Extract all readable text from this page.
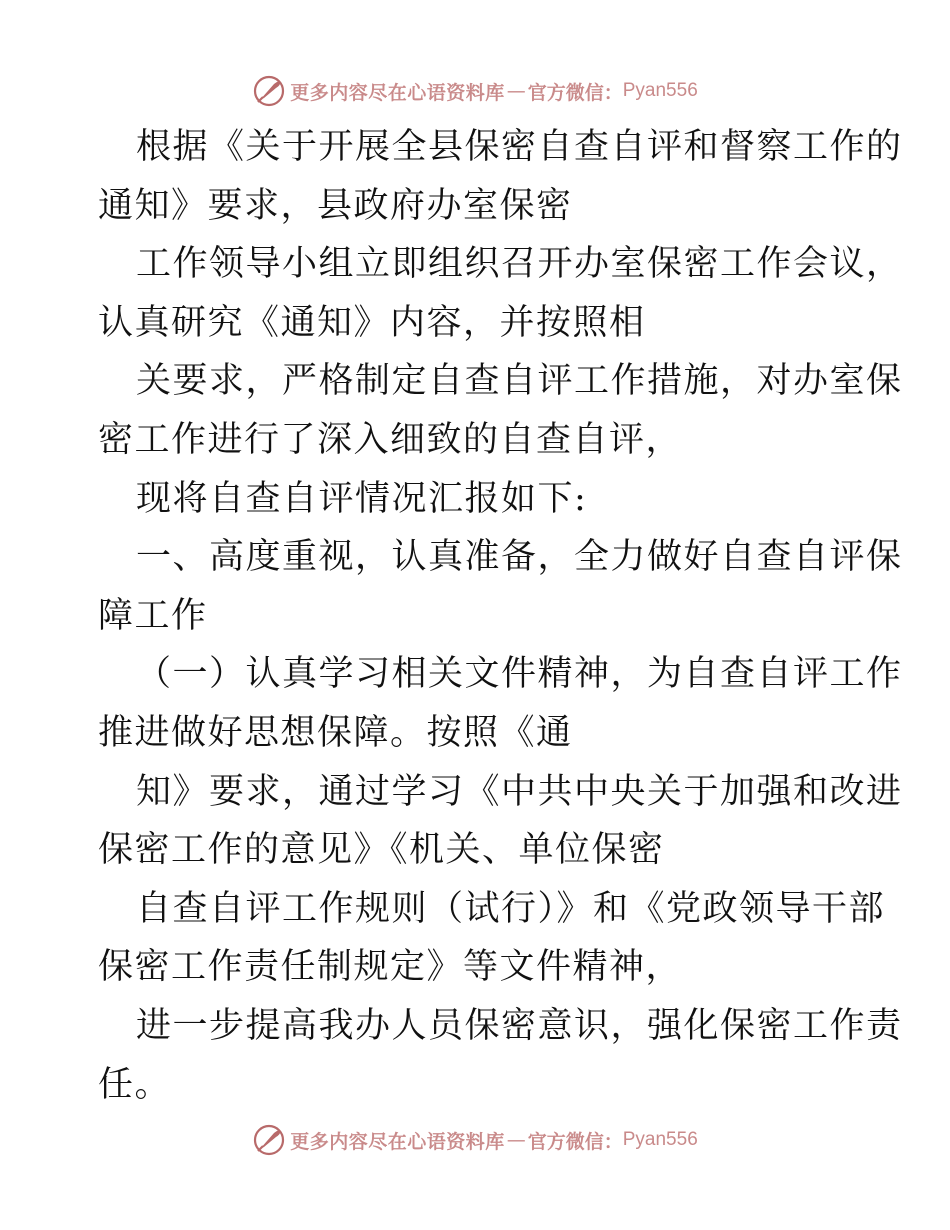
更多内容尽在心语资料库 — 官方微信： Pyan556
根据《关于开展全县保密自查自评和督察工作的
通知》要求，县政府办室保密
工作领导小组立即组织召开办室保密工作会议，
认真研究《通知》内容，并按照相
关要求，严格制定自查自评工作措施，对办室保
密工作进行了深入细致的自查自评，
现将自查自评情况汇报如下:
一、高度重视，认真准备，全力做好自查自评保
障工作
（一）认真学习相关文件精神，为自查自评工作
推进做好思想保障。按照《通
知》要求，通过学习《中共中央关于加强和改进
保密工作的意见》《机关、单位保密
自查自评工作规则（试行）》和《党政领导干部
保密工作责任制规定》等文件精神，
进一步提高我办人员保密意识，强化保密工作责
任。
更多内容尽在心语资料库 — 官方微信： Pyan556
